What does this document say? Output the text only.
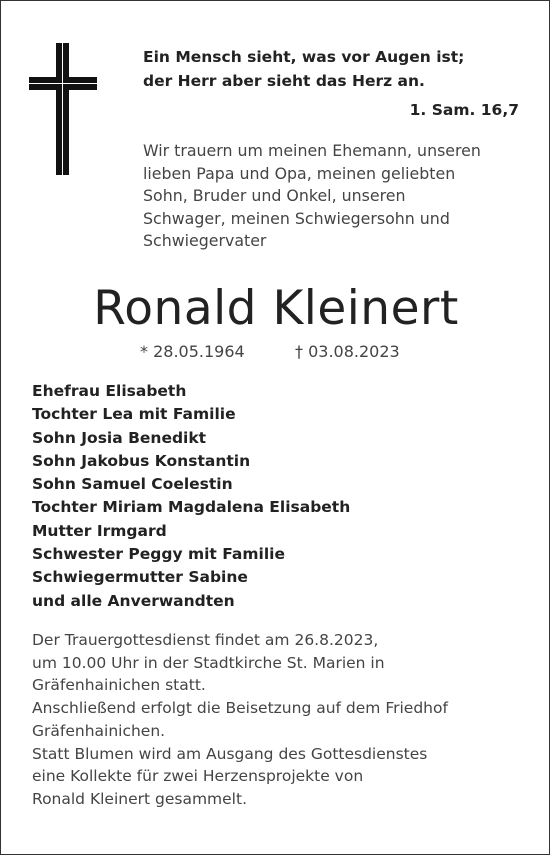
Ein Mensch sieht, was vor Augen ist;
der Herr aber sieht das Herz an.
1. Sam. 16,7
Wir trauern um meinen Ehemann, unseren
lieben Papa und Opa, meinen geliebten
Sohn, Bruder und Onkel, unseren
Schwager, meinen Schwiegersohn und
Schwiegervater
Ronald Kleinert
* 28.05.1964	† 03.08.2023
Ehefrau Elisabeth
Tochter Lea mit Familie
Sohn Josia Benedikt
Sohn Jakobus Konstantin
Sohn Samuel Coelestin
Tochter Miriam Magdalena Elisabeth
Mutter Irmgard
Schwester Peggy mit Familie
Schwiegermutter Sabine
und alle Anverwandten
Der Trauergottesdienst findet am 26.8.2023,
um 10.00 Uhr in der Stadtkirche St. Marien in
Gräfenhainichen statt.
Anschließend erfolgt die Beisetzung auf dem Friedhof
Gräfenhainichen.
Statt Blumen wird am Ausgang des Gottesdienstes
eine Kollekte für zwei Herzensprojekte von
Ronald Kleinert gesammelt.
